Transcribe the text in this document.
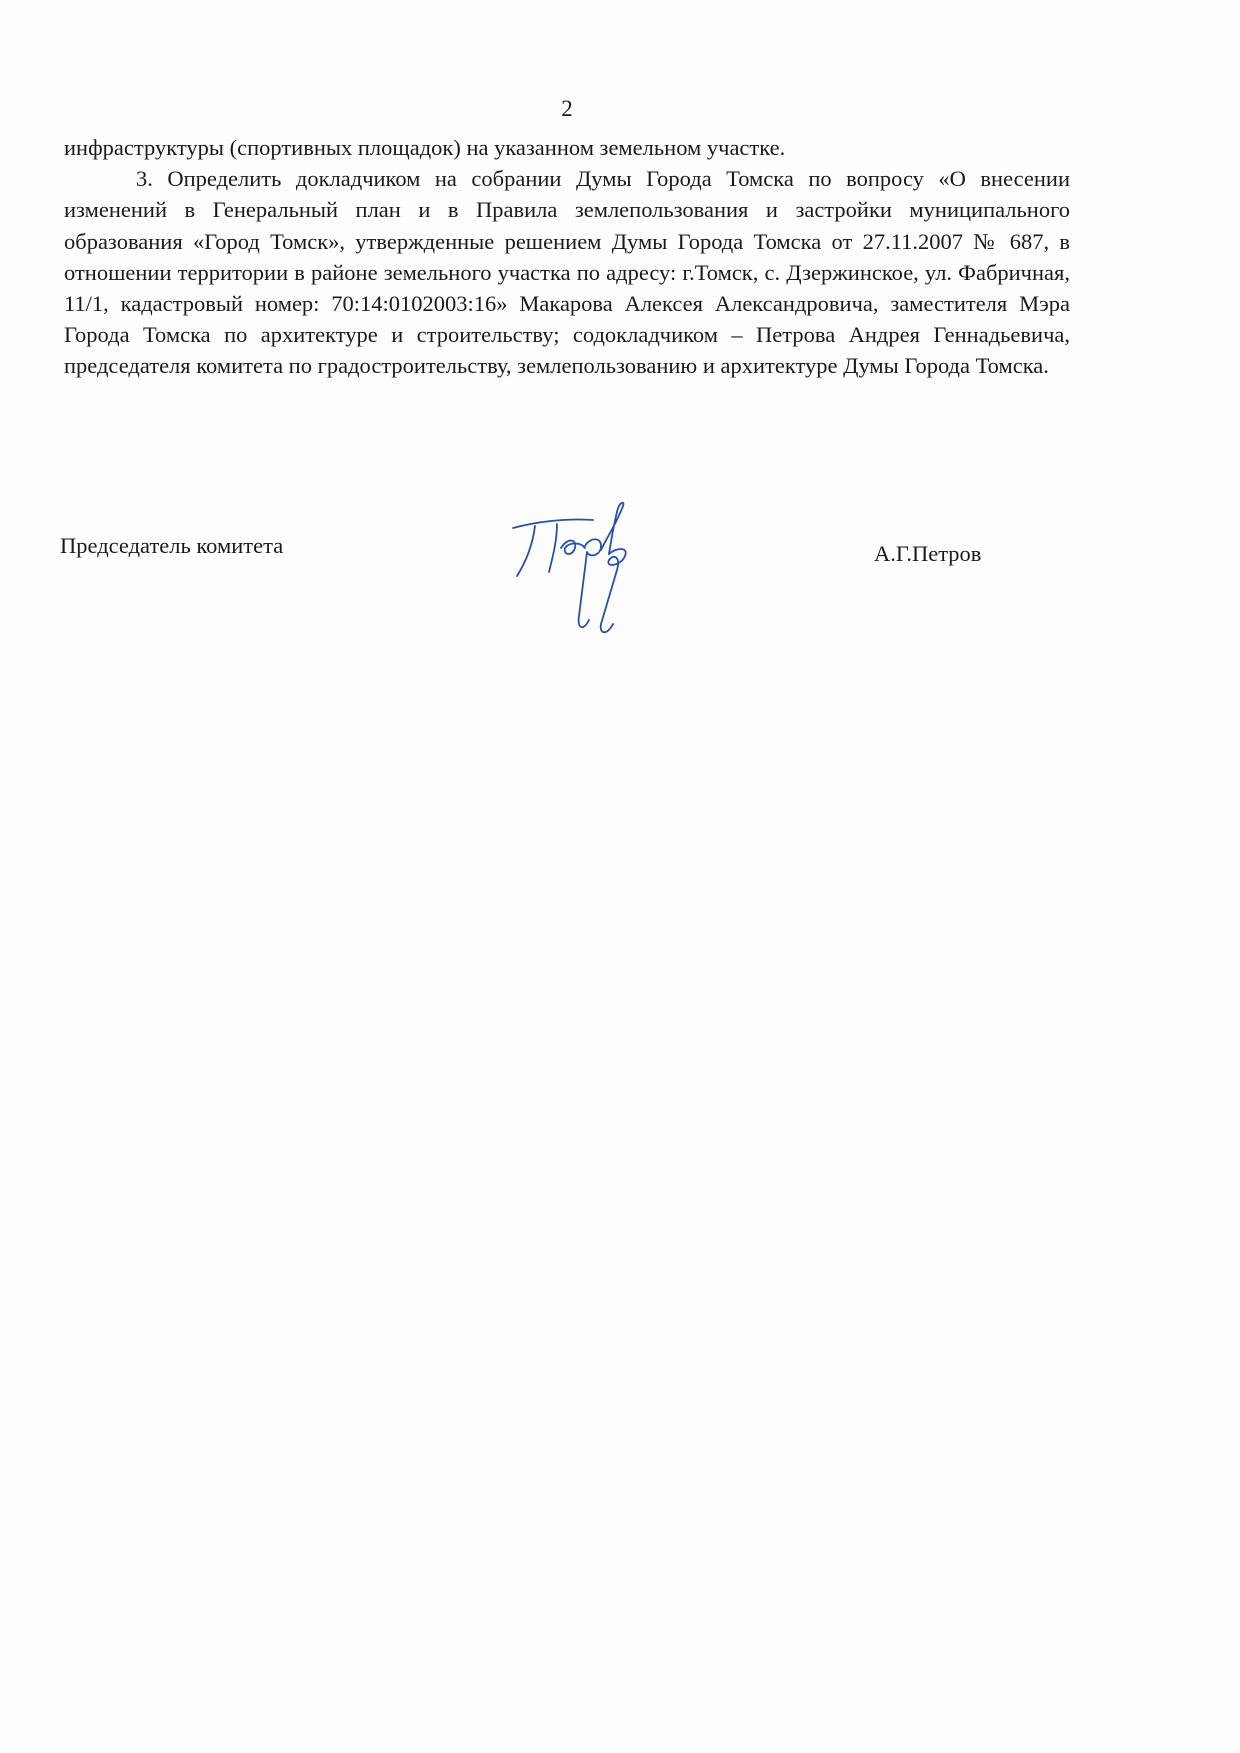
2

инфраструктуры (спортивных площадок) на указанном земельном участке.

3. Определить докладчиком на собрании Думы Города Томска по вопросу «О внесении изменений в Генеральный план и в Правила землепользования и застройки муниципального образования «Город Томск», утвержденные решением Думы Города Томска от 27.11.2007 № 687, в отношении территории в районе земельного участка по адресу: г.Томск, с. Дзержинское, ул. Фабричная, 11/1, кадастровый номер: 70:14:0102003:16» Макарова Алексея Александровича, заместителя Мэра Города Томска по архитектуре и строительству; содокладчиком – Петрова Андрея Геннадьевича, председателя комитета по градостроительству, землепользованию и архитектуре Думы Города Томска.

Председатель комитета	А.Г.Петров
